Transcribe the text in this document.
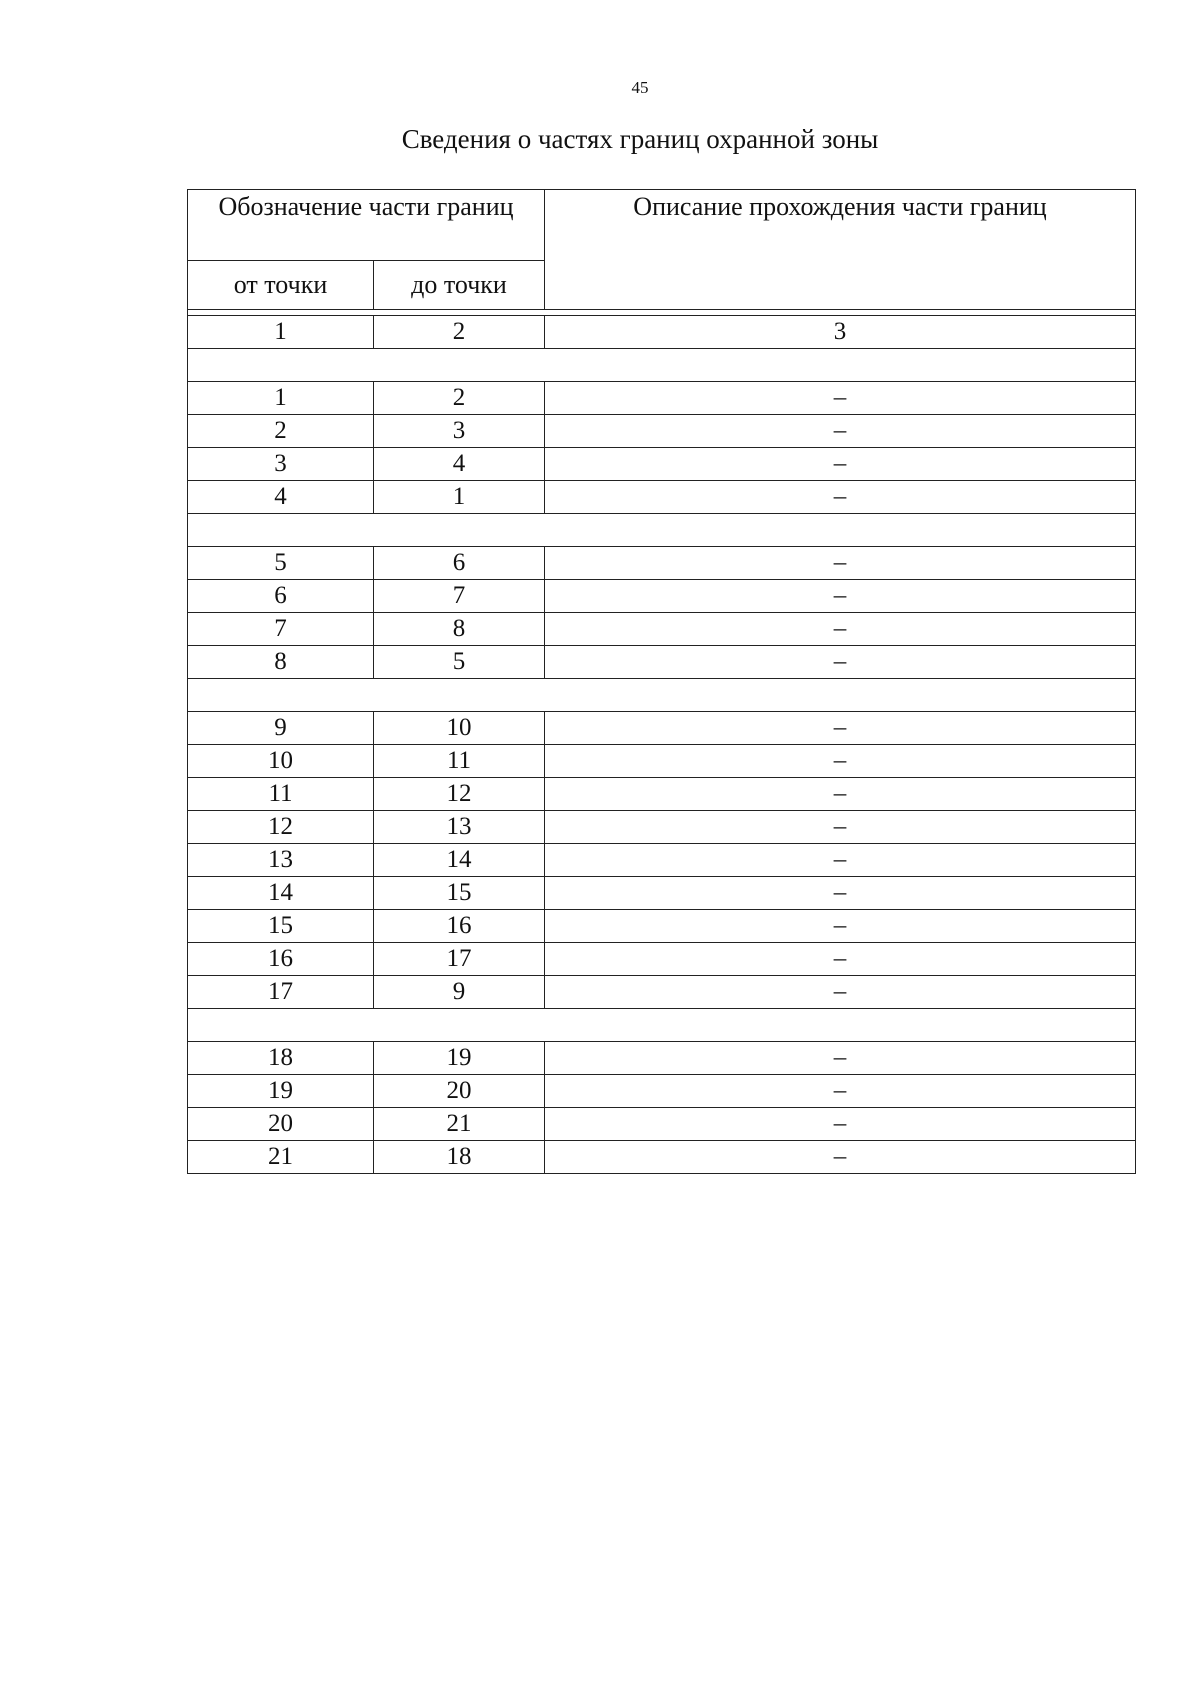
45
Сведения о частях границ охранной зоны
Обозначение части границ		Описание прохождения части границ
от точки	до точки	

1	2	3

1	2	–
2	3	–
3	4	–
4	1	–

5	6	–
6	7	–
7	8	–
8	5	–

9	10	–
10	11	–
11	12	–
12	13	–
13	14	–
14	15	–
15	16	–
16	17	–
17	9	–

18	19	–
19	20	–
20	21	–
21	18	–
